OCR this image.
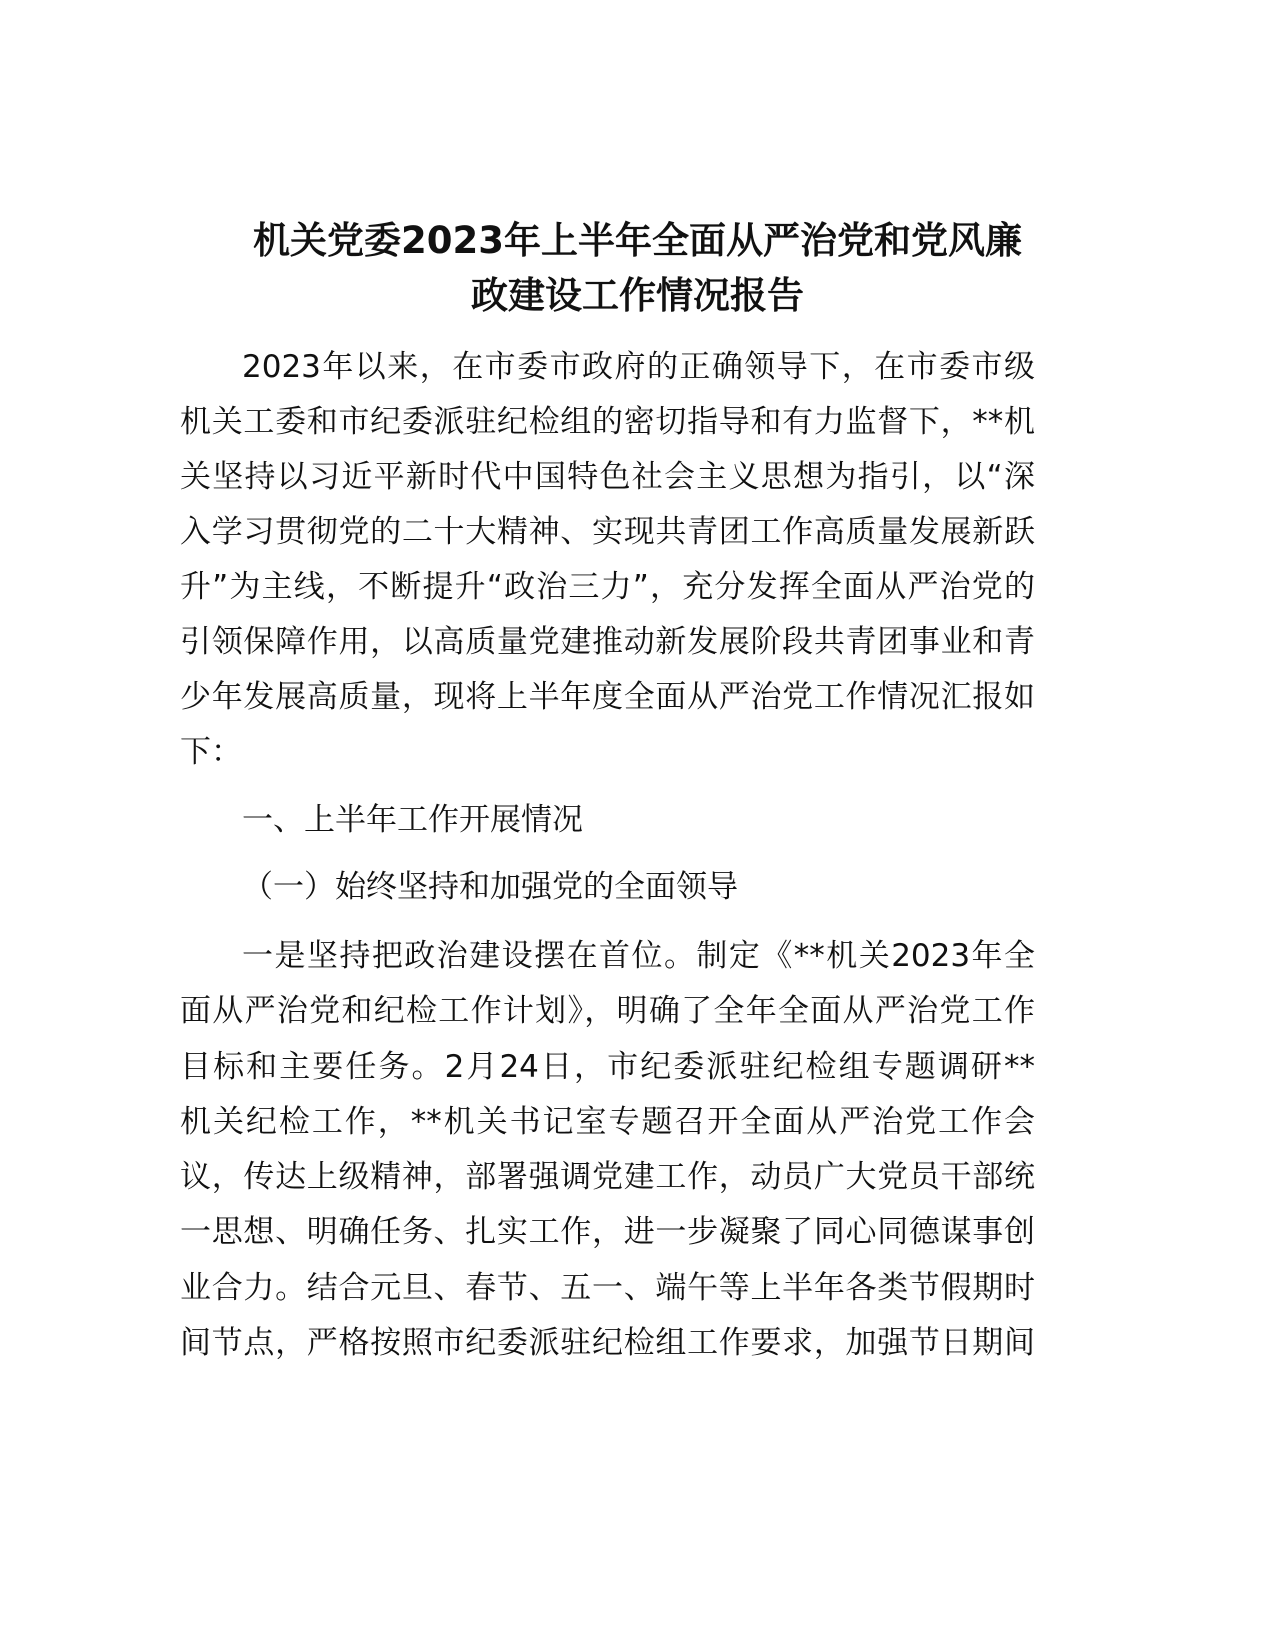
机关党委2023年上半年全面从严治党和党风廉
政建设工作情况报告
2023年以来，在市委市政府的正确领导下，在市委市级
机关工委和市纪委派驻纪检组的密切指导和有力监督下，**机
关坚持以习近平新时代中国特色社会主义思想为指引，以“深
入学习贯彻党的二十大精神、实现共青团工作高质量发展新跃
升”为主线，不断提升“政治三力”，充分发挥全面从严治党的
引领保障作用，以高质量党建推动新发展阶段共青团事业和青
少年发展高质量，现将上半年度全面从严治党工作情况汇报如
下：
一、上半年工作开展情况
（一）始终坚持和加强党的全面领导
一是坚持把政治建设摆在首位。制定《**机关2023年全
面从严治党和纪检工作计划》，明确了全年全面从严治党工作
目标和主要任务。2月24日，市纪委派驻纪检组专题调研**
机关纪检工作，**机关书记室专题召开全面从严治党工作会
议，传达上级精神，部署强调党建工作，动员广大党员干部统
一思想、明确任务、扎实工作，进一步凝聚了同心同德谋事创
业合力。结合元旦、春节、五一、端午等上半年各类节假期时
间节点，严格按照市纪委派驻纪检组工作要求，加强节日期间
